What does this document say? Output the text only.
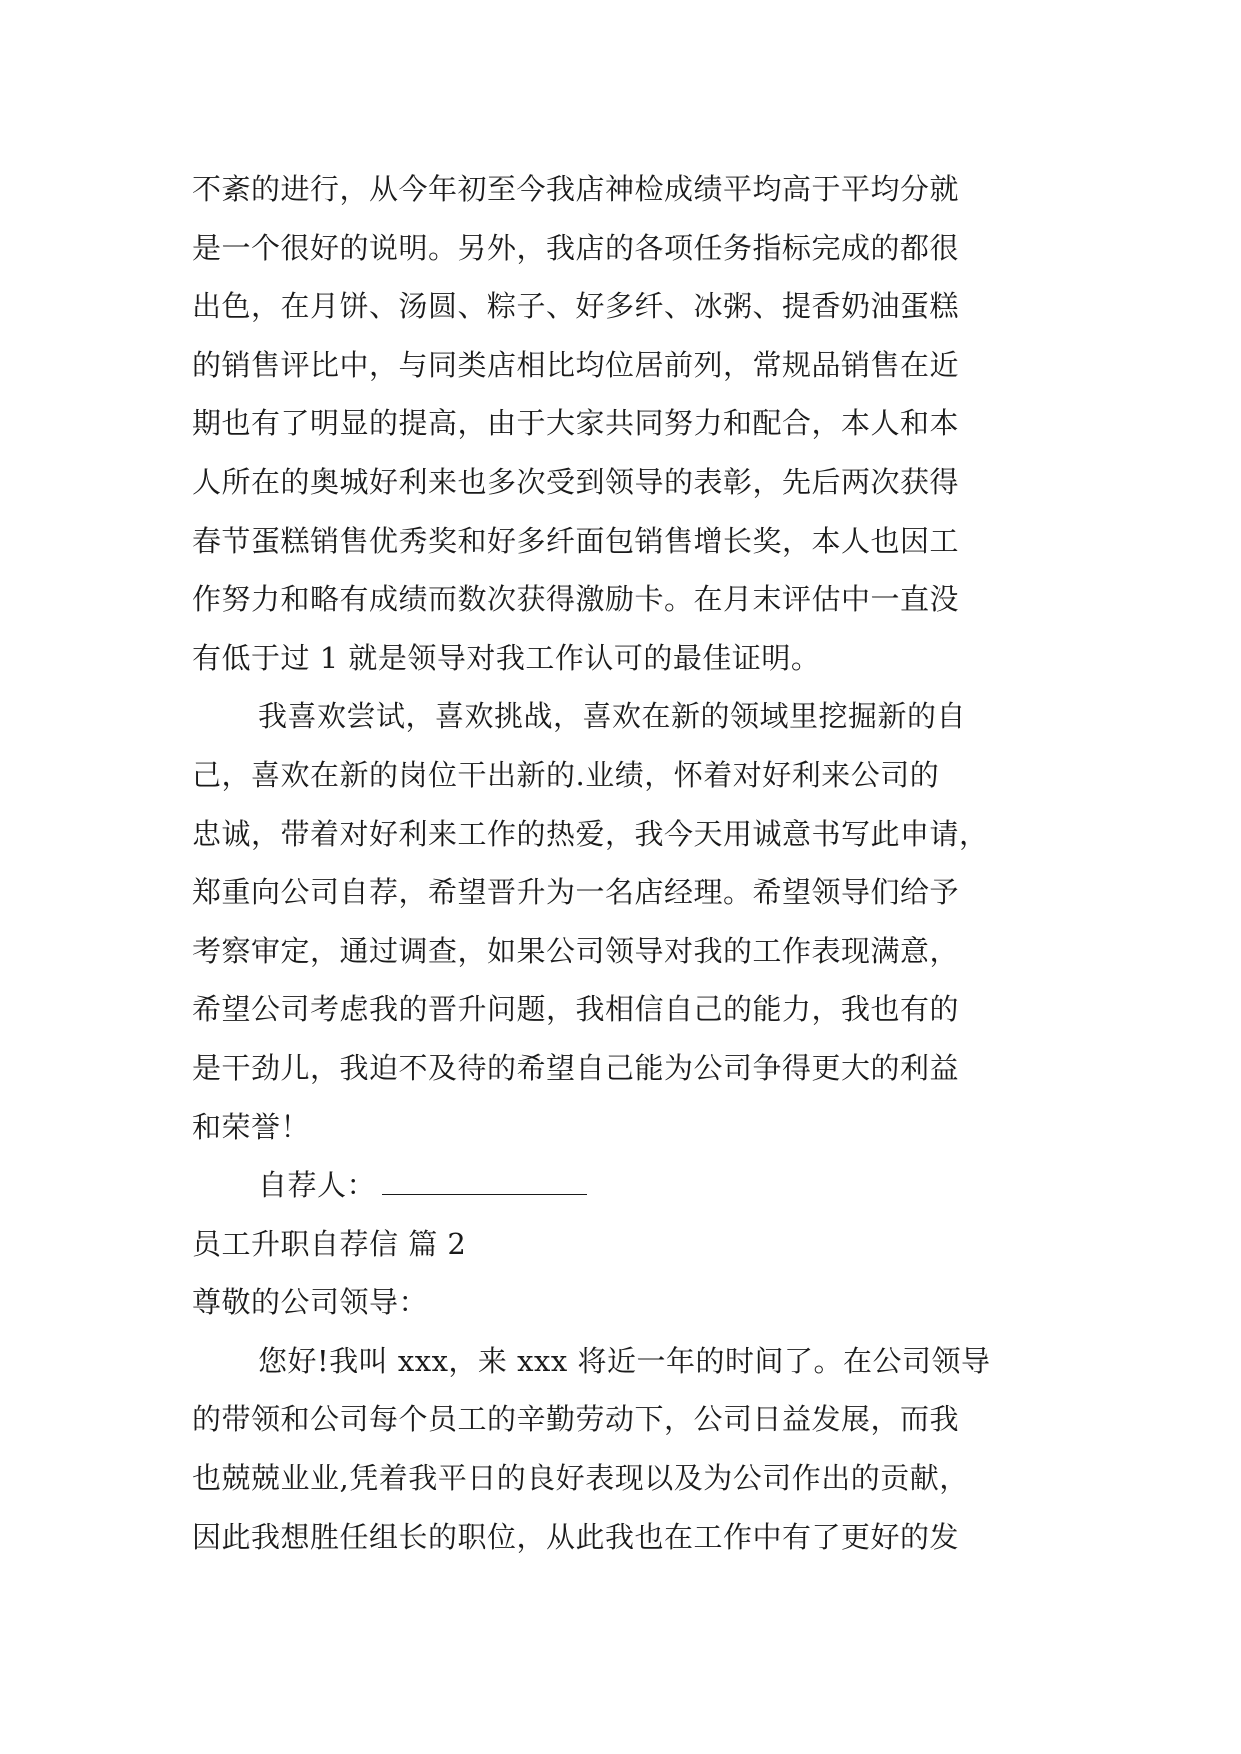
不紊的进行，从今年初至今我店神检成绩平均高于平均分就
是一个很好的说明。另外，我店的各项任务指标完成的都很
出色，在月饼、汤圆、粽子、好多纤、冰粥、提香奶油蛋糕
的销售评比中，与同类店相比均位居前列，常规品销售在近
期也有了明显的提高，由于大家共同努力和配合，本人和本
人所在的奥城好利来也多次受到领导的表彰，先后两次获得
春节蛋糕销售优秀奖和好多纤面包销售增长奖，本人也因工
作努力和略有成绩而数次获得激励卡。在月末评估中一直没
有低于过 1 就是领导对我工作认可的最佳证明。
我喜欢尝试，喜欢挑战，喜欢在新的领域里挖掘新的自
己，喜欢在新的岗位干出新的.业绩，怀着对好利来公司的
忠诚，带着对好利来工作的热爱，我今天用诚意书写此申请，
郑重向公司自荐，希望晋升为一名店经理。希望领导们给予
考察审定，通过调查，如果公司领导对我的工作表现满意，
希望公司考虑我的晋升问题，我相信自己的能力，我也有的
是干劲儿，我迫不及待的希望自己能为公司争得更大的利益
和荣誉！
自荐人：
员工升职自荐信 篇 2
尊敬的公司领导：
您好!我叫 xxx，来 xxx 将近一年的时间了。在公司领导
的带领和公司每个员工的辛勤劳动下，公司日益发展，而我
也兢兢业业,凭着我平日的良好表现以及为公司作出的贡献，
因此我想胜任组长的职位，从此我也在工作中有了更好的发
